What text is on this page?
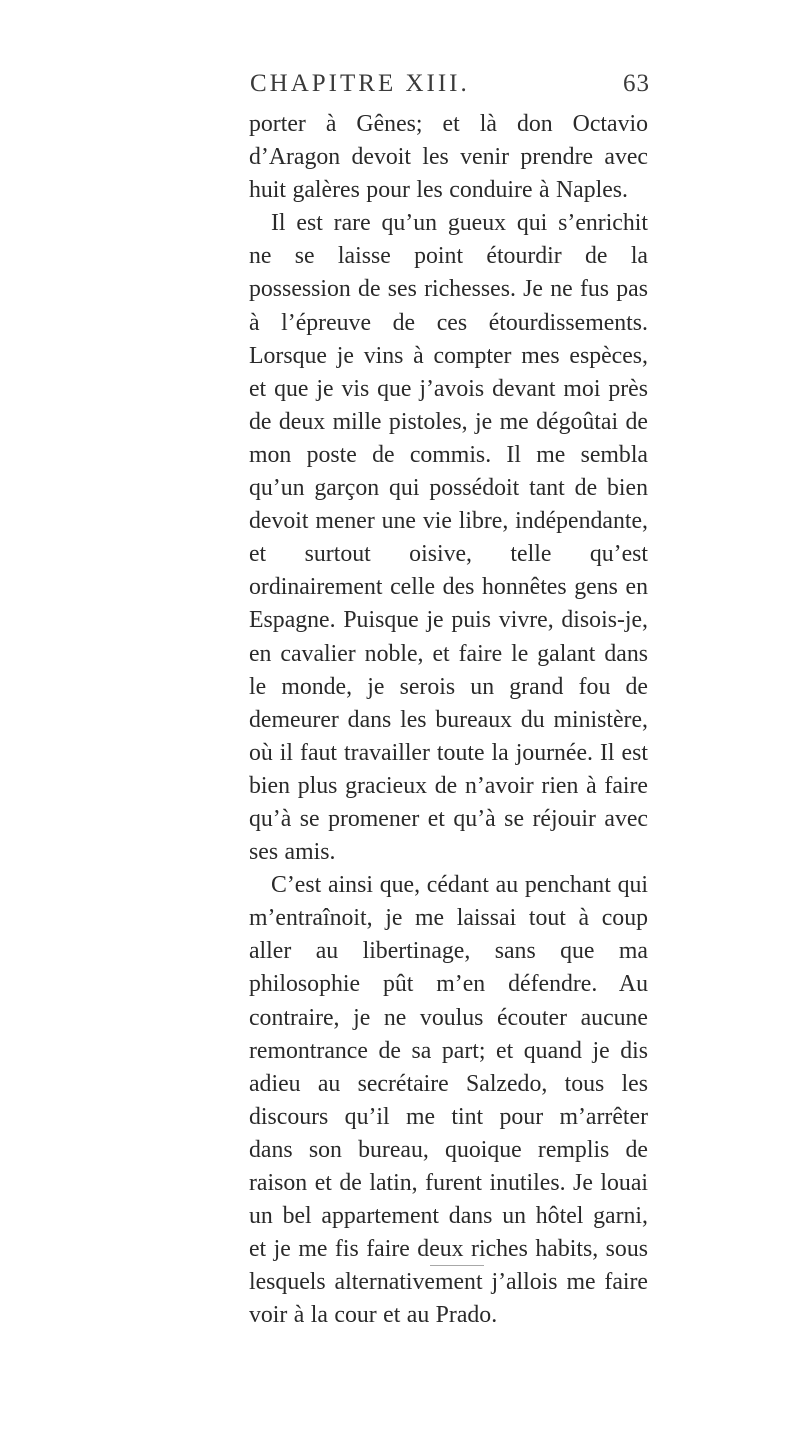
CHAPITRE XIII.	63

porter à Gênes; et là don Octavio d’Aragon devoit les venir prendre avec huit galères pour les conduire à Naples.

Il est rare qu’un gueux qui s’enrichit ne se laisse point étourdir de la possession de ses richesses. Je ne fus pas à l’épreuve de ces étourdissements. Lorsque je vins à compter mes espèces, et que je vis que j’avois devant moi près de deux mille pistoles, je me dégoûtai de mon poste de commis. Il me sembla qu’un garçon qui possédoit tant de bien devoit mener une vie libre, indépendante, et surtout oisive, telle qu’est ordinairement celle des honnêtes gens en Espagne. Puisque je puis vivre, disois-je, en cavalier noble, et faire le galant dans le monde, je serois un grand fou de demeurer dans les bureaux du ministère, où il faut travailler toute la journée. Il est bien plus gracieux de n’avoir rien à faire qu’à se promener et qu’à se réjouir avec ses amis.

C’est ainsi que, cédant au penchant qui m’entraînoit, je me laissai tout à coup aller au libertinage, sans que ma philosophie pût m’en défendre. Au contraire, je ne voulus écouter aucune remontrance de sa part; et quand je dis adieu au secrétaire Salzedo, tous les discours qu’il me tint pour m’arrêter dans son bureau, quoique remplis de raison et de latin, furent inutiles. Je louai un bel appartement dans un hôtel garni, et je me fis faire deux riches habits, sous lesquels alternativement j’allois me faire voir à la cour et au Prado.
